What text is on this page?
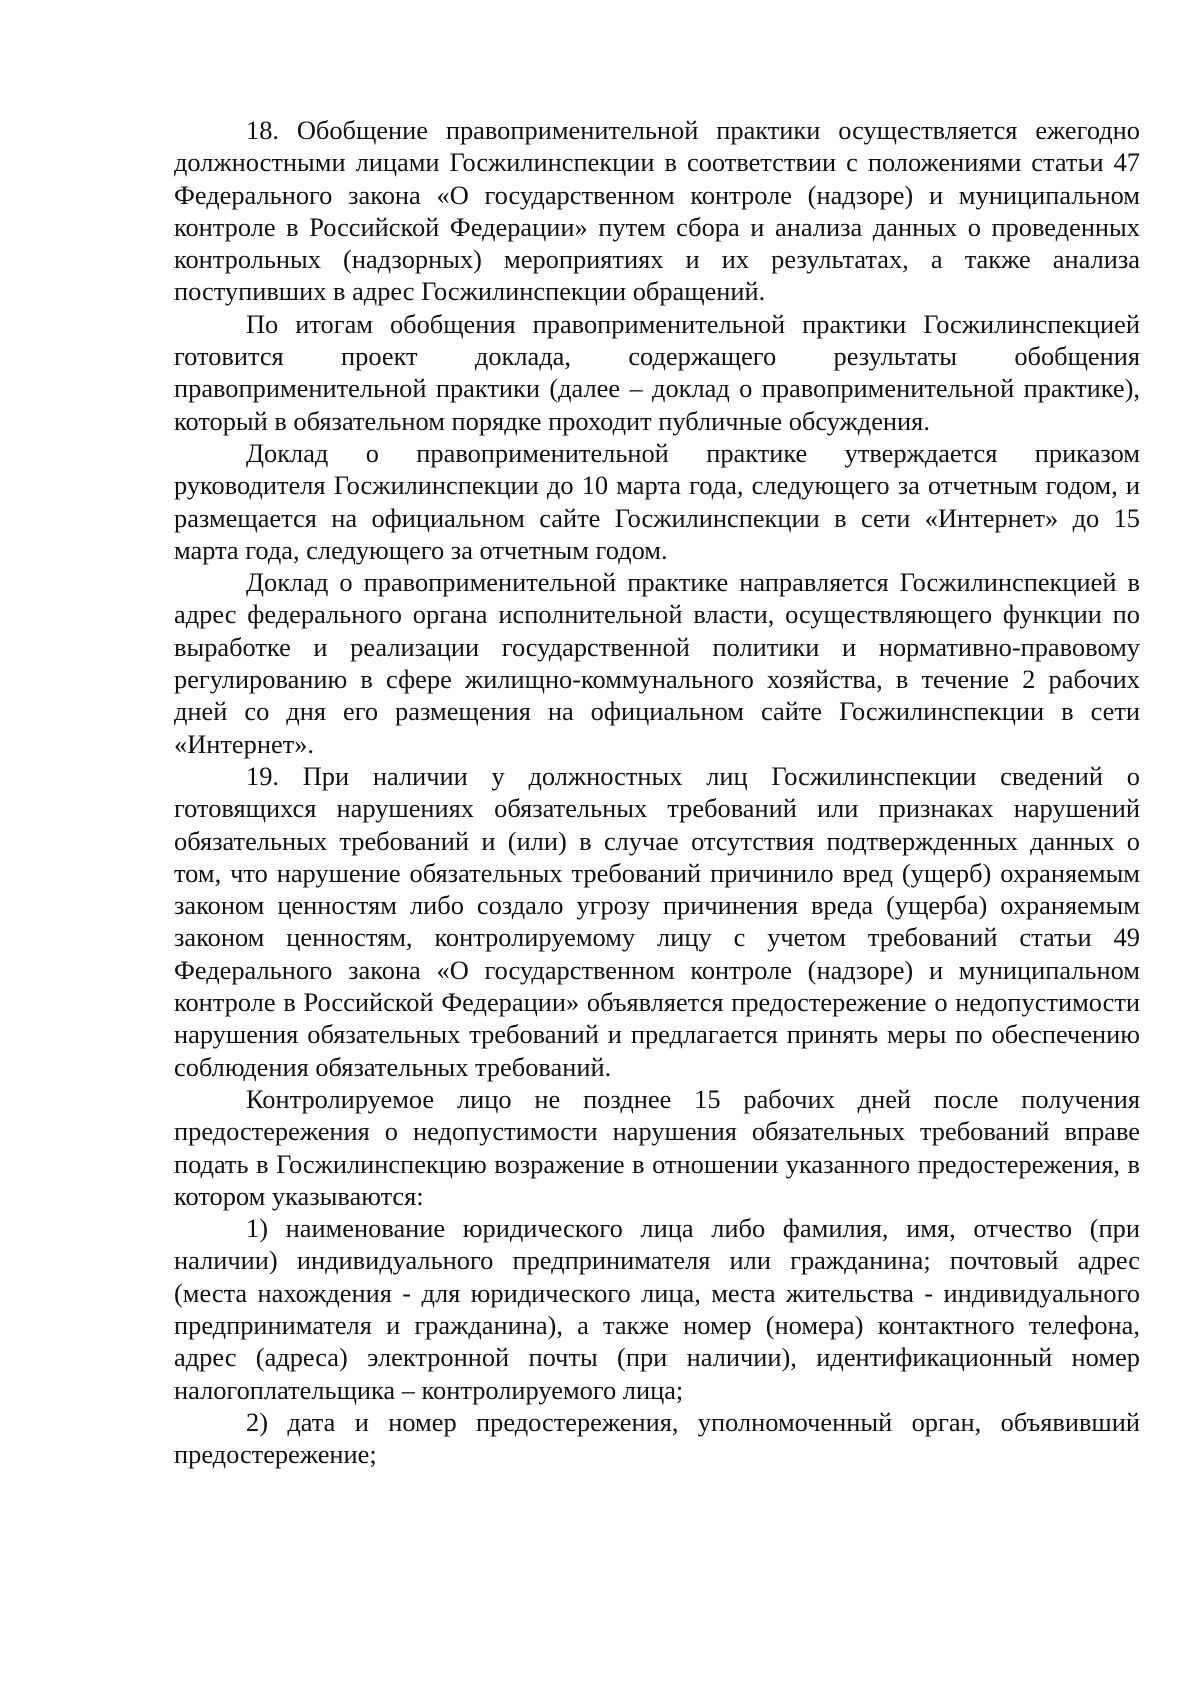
18. Обобщение правоприменительной практики осуществляется ежегодно должностными лицами Госжилинспекции в соответствии с положениями статьи 47 Федерального закона «О государственном контроле (надзоре) и муниципальном контроле в Российской Федерации» путем сбора и анализа данных о проведенных контрольных (надзорных) мероприятиях и их результатах, а также анализа поступивших в адрес Госжилинспекции обращений.

По итогам обобщения правоприменительной практики Госжилинспекцией готовится проект доклада, содержащего результаты обобщения правоприменительной практики (далее – доклад о правоприменительной практике), который в обязательном порядке проходит публичные обсуждения.

Доклад о правоприменительной практике утверждается приказом руководителя Госжилинспекции до 10 марта года, следующего за отчетным годом, и размещается на официальном сайте Госжилинспекции в сети «Интернет» до 15 марта года, следующего за отчетным годом.

Доклад о правоприменительной практике направляется Госжилинспекцией в адрес федерального органа исполнительной власти, осуществляющего функции по выработке и реализации государственной политики и нормативно-правовому регулированию в сфере жилищно-коммунального хозяйства, в течение 2 рабочих дней со дня его размещения на официальном сайте Госжилинспекции в сети «Интернет».

19. При наличии у должностных лиц Госжилинспекции сведений о готовящихся нарушениях обязательных требований или признаках нарушений обязательных требований и (или) в случае отсутствия подтвержденных данных о том, что нарушение обязательных требований причинило вред (ущерб) охраняемым законом ценностям либо создало угрозу причинения вреда (ущерба) охраняемым законом ценностям, контролируемому лицу с учетом требований статьи 49 Федерального закона «О государственном контроле (надзоре) и муниципальном контроле в Российской Федерации» объявляется предостережение о недопустимости нарушения обязательных требований и предлагается принять меры по обеспечению соблюдения обязательных требований.

Контролируемое лицо не позднее 15 рабочих дней после получения предостережения о недопустимости нарушения обязательных требований вправе подать в Госжилинспекцию возражение в отношении указанного предостережения, в котором указываются:

1) наименование юридического лица либо фамилия, имя, отчество (при наличии) индивидуального предпринимателя или гражданина; почтовый адрес (места нахождения - для юридического лица, места жительства - индивидуального предпринимателя и гражданина), а также номер (номера) контактного телефона, адрес (адреса) электронной почты (при наличии), идентификационный номер налогоплательщика – контролируемого лица;

2) дата и номер предостережения, уполномоченный орган, объявивший предостережение;
